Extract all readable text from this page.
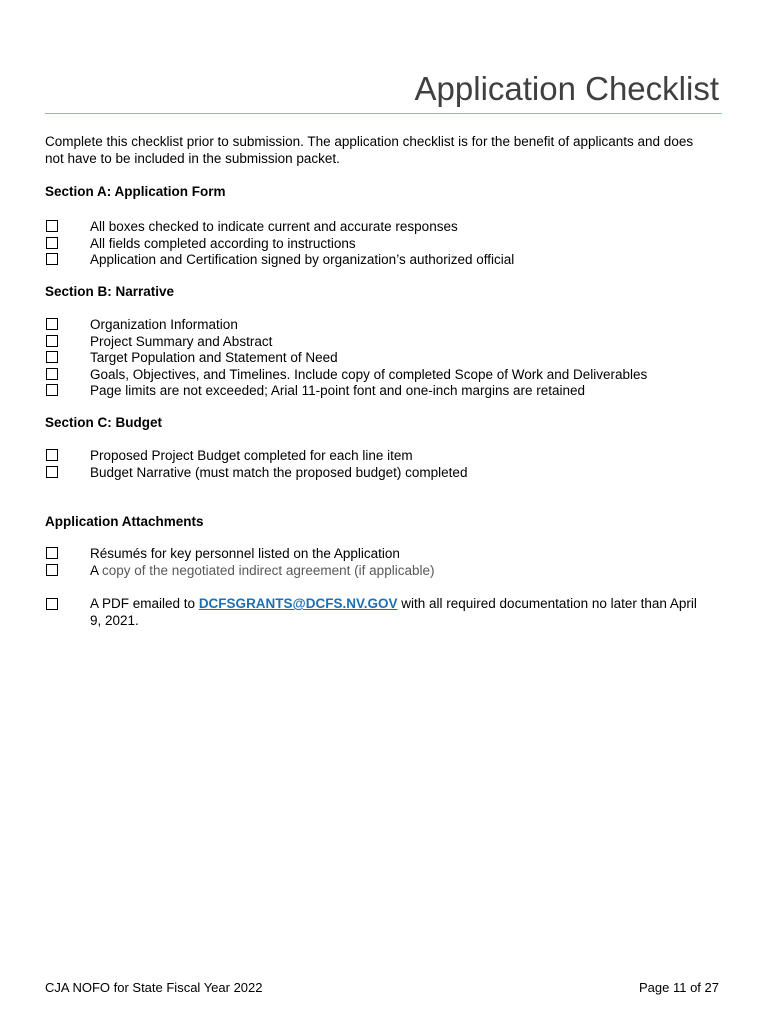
Application Checklist

Complete this checklist prior to submission. The application checklist is for the benefit of applicants and does not have to be included in the submission packet.

Section A: Application Form

All boxes checked to indicate current and accurate responses
All fields completed according to instructions
Application and Certification signed by organization’s authorized official

Section B: Narrative

Organization Information
Project Summary and Abstract
Target Population and Statement of Need
Goals, Objectives, and Timelines. Include copy of completed Scope of Work and Deliverables
Page limits are not exceeded; Arial 11-point font and one-inch margins are retained

Section C: Budget

Proposed Project Budget completed for each line item
Budget Narrative (must match the proposed budget) completed

Application Attachments

Résumés for key personnel listed on the Application
A copy of the negotiated indirect agreement (if applicable)
A PDF emailed to DCFSGRANTS@DCFS.NV.GOV with all required documentation no later than April 9, 2021.
CJA NOFO for State Fiscal Year 2022	Page 11 of 27
